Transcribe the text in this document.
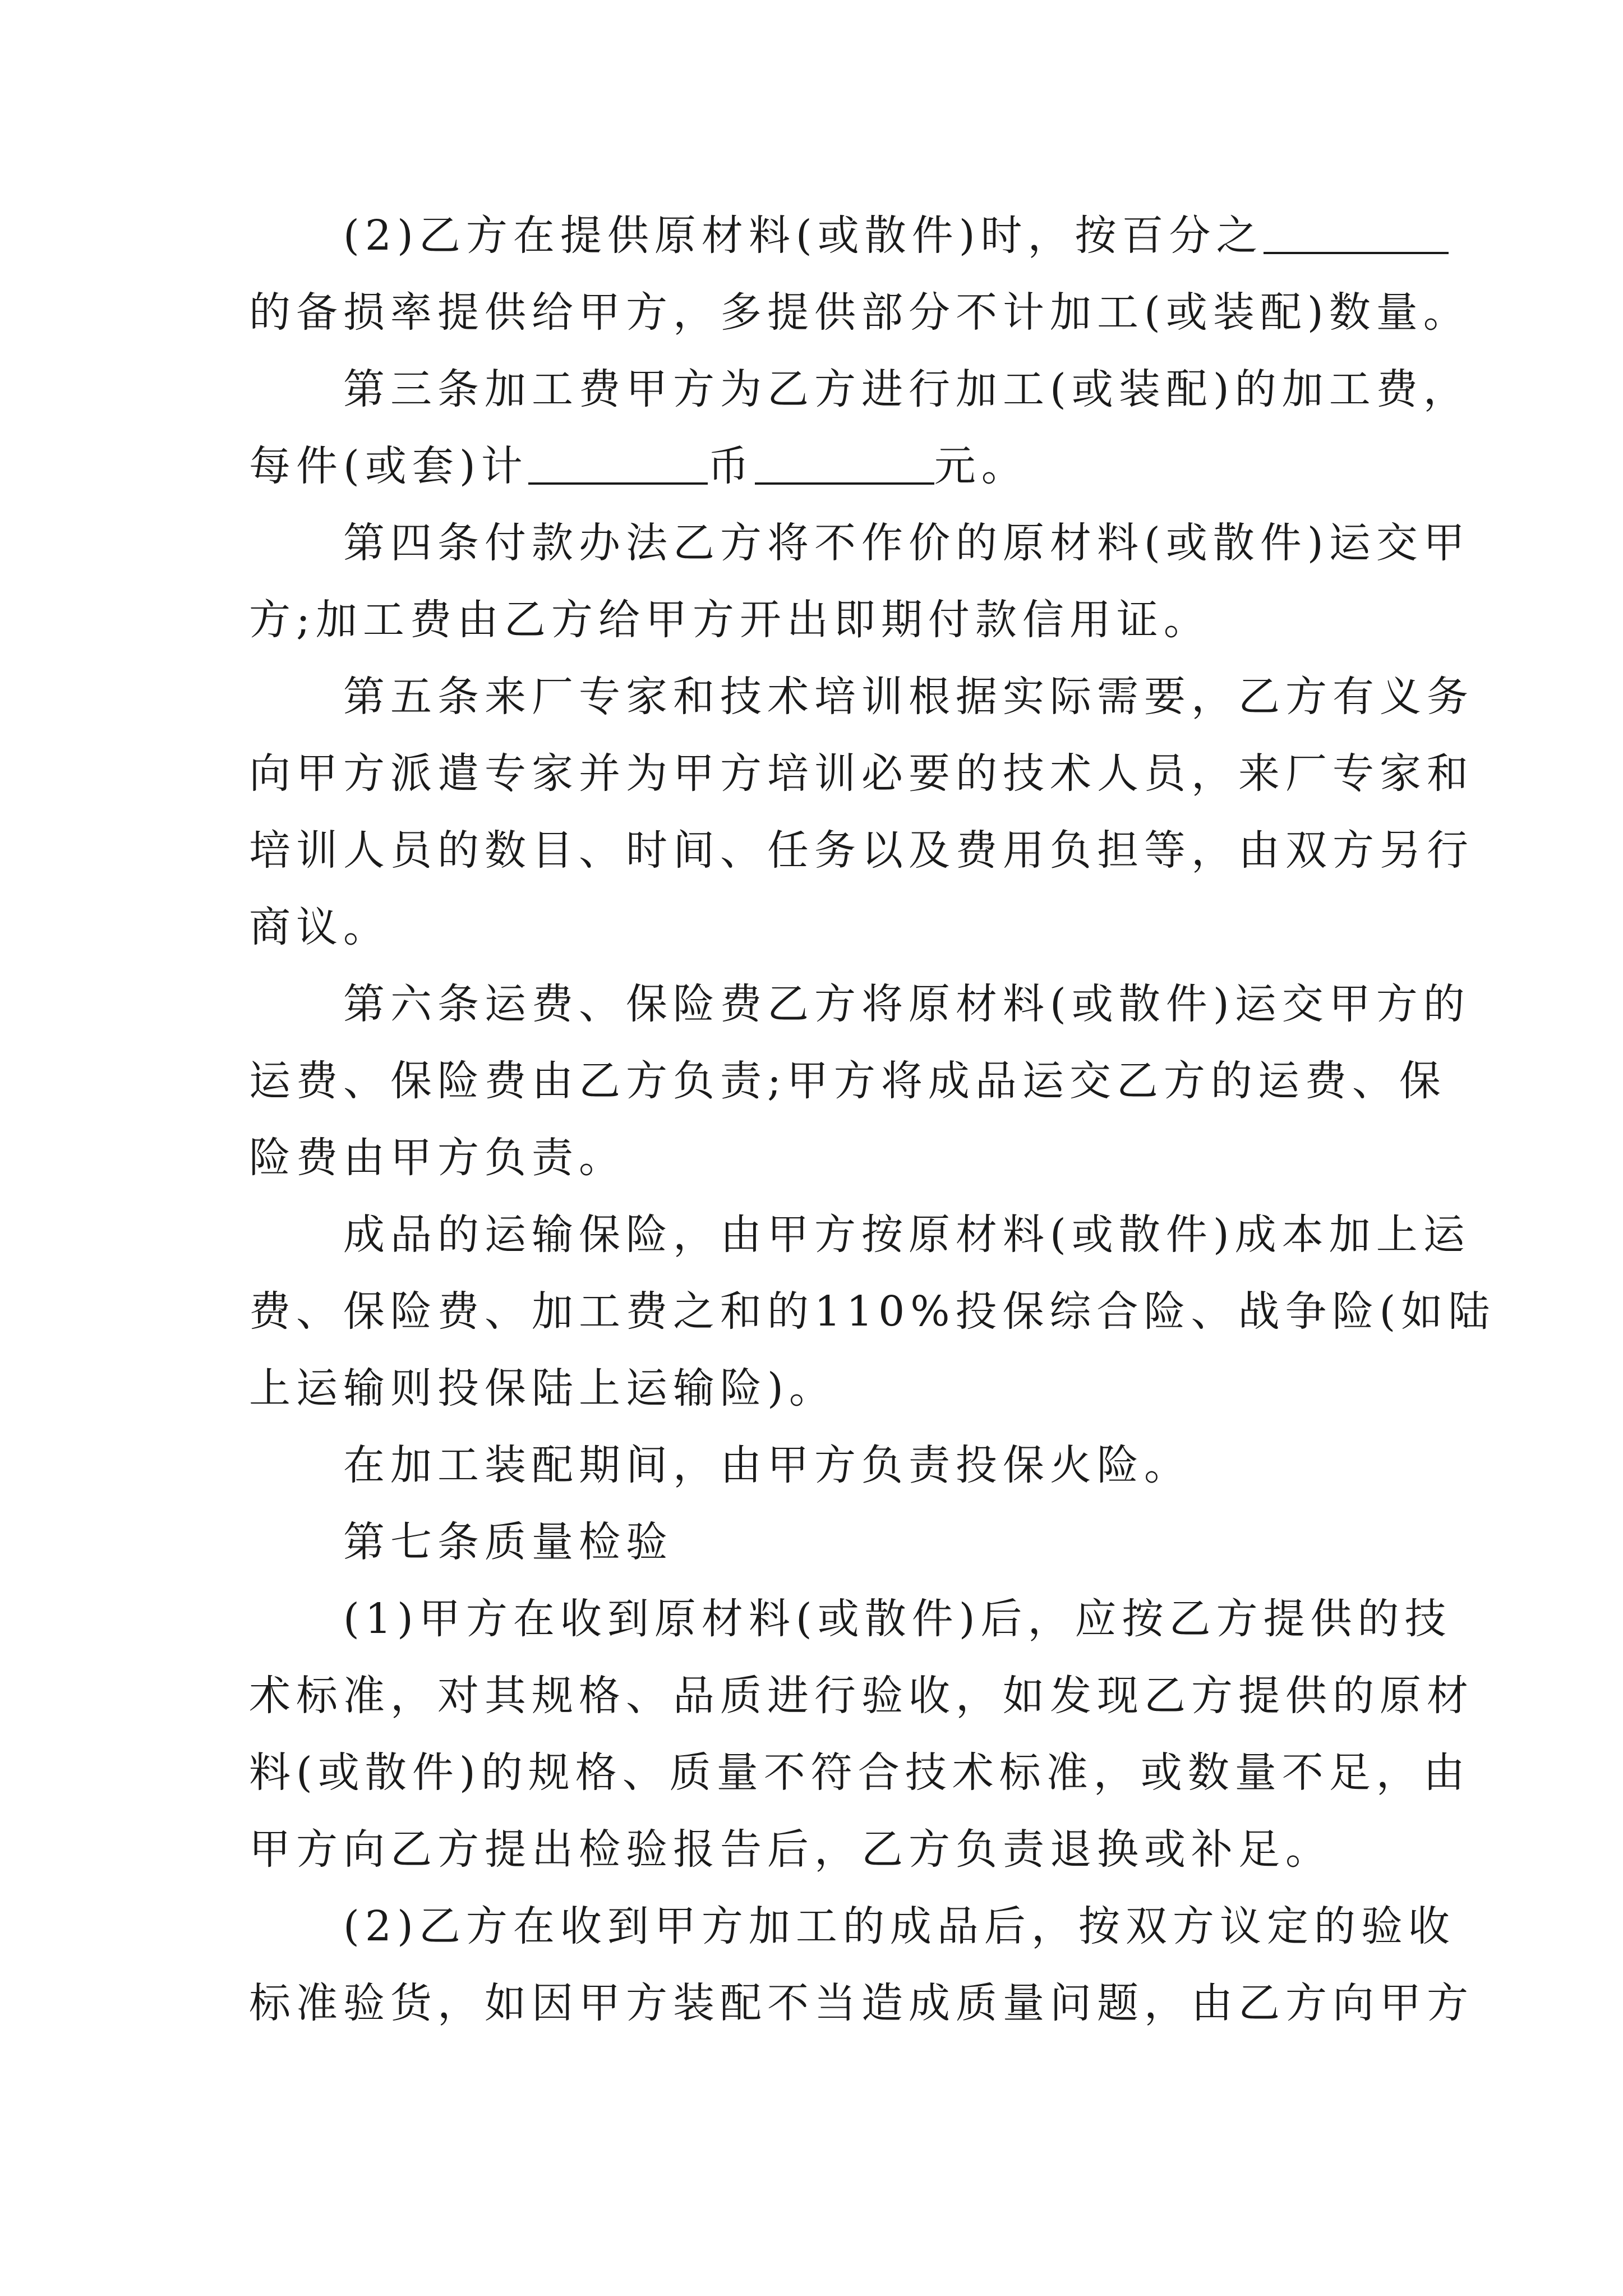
(2)乙方在提供原材料(或散件)时，按百分之
的备损率提供给甲方，多提供部分不计加工(或装配)数量。

第三条加工费甲方为乙方进行加工(或装配)的加工费，
每件(或套)计	币	元。

第四条付款办法乙方将不作价的原材料(或散件)运交甲
方;加工费由乙方给甲方开出即期付款信用证。

第五条来厂专家和技术培训根据实际需要，乙方有义务
向甲方派遣专家并为甲方培训必要的技术人员，来厂专家和
培训人员的数目、时间、任务以及费用负担等，由双方另行
商议。

第六条运费、保险费乙方将原材料(或散件)运交甲方的
运费、保险费由乙方负责;甲方将成品运交乙方的运费、保
险费由甲方负责。

成品的运输保险，由甲方按原材料(或散件)成本加上运
费、保险费、加工费之和的110%投保综合险、战争险(如陆
上运输则投保陆上运输险)。

在加工装配期间，由甲方负责投保火险。

第七条质量检验

(1)甲方在收到原材料(或散件)后，应按乙方提供的技
术标准，对其规格、品质进行验收，如发现乙方提供的原材
料(或散件)的规格、质量不符合技术标准，或数量不足，由
甲方向乙方提出检验报告后，乙方负责退换或补足。

(2)乙方在收到甲方加工的成品后，按双方议定的验收
标准验货，如因甲方装配不当造成质量问题，由乙方向甲方
